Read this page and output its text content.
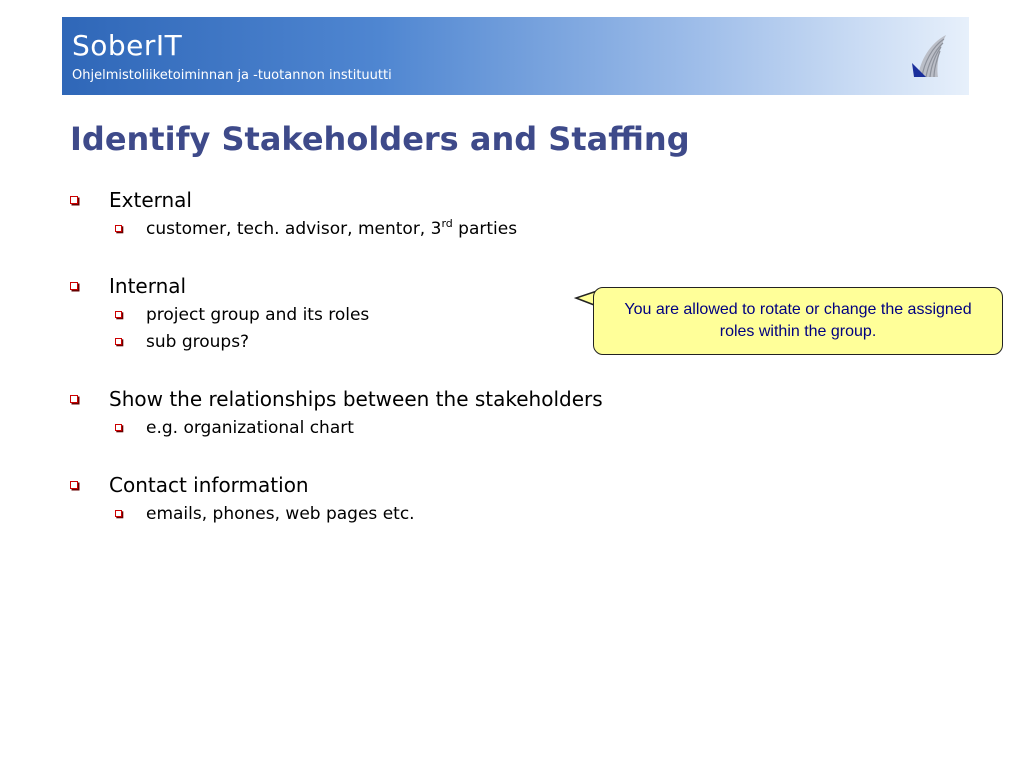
SoberIT
Ohjelmistoliiketoiminnan ja -tuotannon instituutti
Identify Stakeholders and Staffing
External
customer, tech. advisor, mentor, 3rd parties
Internal
project group and its roles
sub groups?
Show the relationships between the stakeholders
e.g. organizational chart
Contact information
emails, phones, web pages etc.
You are allowed to rotate or change the assigned roles within the group.
